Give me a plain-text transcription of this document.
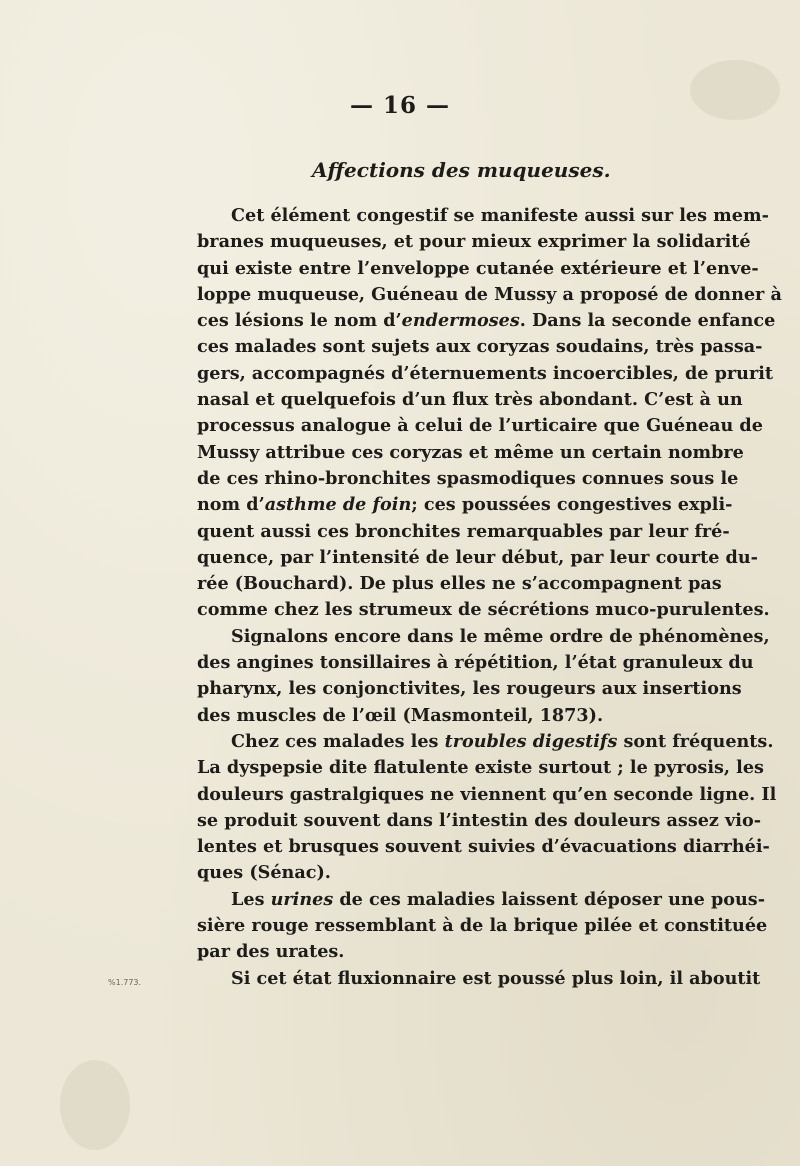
— 16 —
Affections des muqueuses.
Cet élément congestif se manifeste aussi sur les mem-
branes muqueuses, et pour mieux exprimer la solidarité
qui existe entre l’enveloppe cutanée extérieure et l’enve-
loppe muqueuse, Guéneau de Mussy a proposé de donner à
ces lésions le nom d’endermoses. Dans la seconde enfance
ces malades sont sujets aux coryzas soudains, très passa-
gers, accompagnés d’éternuements incoercibles, de prurit
nasal et quelquefois d’un flux très abondant. C’est à un
processus analogue à celui de l’urticaire que Guéneau de
Mussy attribue ces coryzas et même un certain nombre
de ces rhino-bronchites spasmodiques connues sous le
nom d’asthme de foin; ces poussées congestives expli-
quent aussi ces bronchites remarquables par leur fré-
quence, par l’intensité de leur début, par leur courte du-
rée (Bouchard). De plus elles ne s’accompagnent pas
comme chez les strumeux de sécrétions muco-purulentes.
Signalons encore dans le même ordre de phénomènes,
des angines tonsillaires à répétition, l’état granuleux du
pharynx, les conjonctivites, les rougeurs aux insertions
des muscles de l’œil (Masmonteil, 1873).
Chez ces malades les troubles digestifs sont fréquents.
La dyspepsie dite flatulente existe surtout ; le pyrosis, les
douleurs gastralgiques ne viennent qu’en seconde ligne. Il
se produit souvent dans l’intestin des douleurs assez vio-
lentes et brusques souvent suivies d’évacuations diarrhéi-
ques (Sénac).
Les urines de ces maladies laissent déposer une pous-
sière rouge ressemblant à de la brique pilée et constituée
par des urates.
Si cet état fluxionnaire est poussé plus loin, il aboutit
%1.773.
